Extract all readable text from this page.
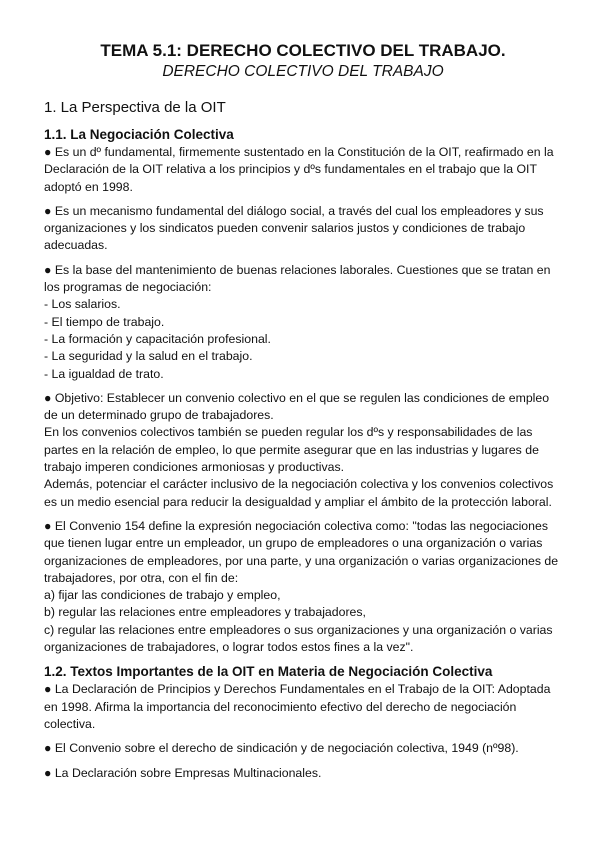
TEMA 5.1: DERECHO COLECTIVO DEL TRABAJO.
DERECHO COLECTIVO DEL TRABAJO
1. La Perspectiva de la OIT
1.1. La Negociación Colectiva

● Es un dº fundamental, firmemente sustentado en la Constitución de la OIT, reafirmado en la Declaración de la OIT relativa a los principios y dºs fundamentales en el trabajo que la OIT adoptó en 1998.

● Es un mecanismo fundamental del diálogo social, a través del cual los empleadores y sus organizaciones y los sindicatos pueden convenir salarios justos y condiciones de trabajo adecuadas.

● Es la base del mantenimiento de buenas relaciones laborales. Cuestiones que se tratan en los programas de negociación:

- Los salarios.
- El tiempo de trabajo.
- La formación y capacitación profesional.
- La seguridad y la salud en el trabajo.
- La igualdad de trato.

● Objetivo: Establecer un convenio colectivo en el que se regulen las condiciones de empleo de un determinado grupo de trabajadores.

En los convenios colectivos también se pueden regular los dºs y responsabilidades de las partes en la relación de empleo, lo que permite asegurar que en las industrias y lugares de trabajo imperen condiciones armoniosas y productivas.

Además, potenciar el carácter inclusivo de la negociación colectiva y los convenios colectivos es un medio esencial para reducir la desigualdad y ampliar el ámbito de la protección laboral.

● El Convenio 154 define la expresión negociación colectiva como: "todas las negociaciones que tienen lugar entre un empleador, un grupo de empleadores o una organización o varias organizaciones de empleadores, por una parte, y una organización o varias organizaciones de trabajadores, por otra, con el fin de:

a) fijar las condiciones de trabajo y empleo,

b) regular las relaciones entre empleadores y trabajadores,

c) regular las relaciones entre empleadores o sus organizaciones y una organización o varias organizaciones de trabajadores, o lograr todos estos fines a la vez".

1.2. Textos Importantes de la OIT en Materia de Negociación Colectiva

● La Declaración de Principios y Derechos Fundamentales en el Trabajo de la OIT: Adoptada en 1998. Afirma la importancia del reconocimiento efectivo del derecho de negociación colectiva.

● El Convenio sobre el derecho de sindicación y de negociación colectiva, 1949 (nº98).

● La Declaración sobre Empresas Multinacionales.
